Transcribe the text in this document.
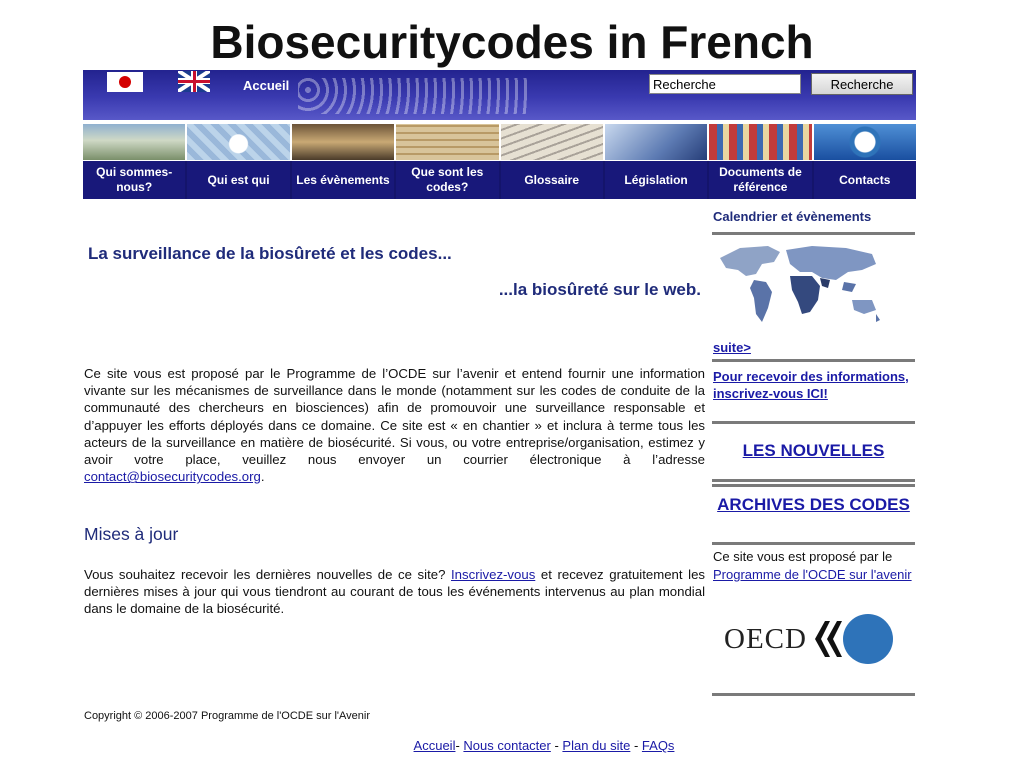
Biosecuritycodes in French
Accueil
Recherche	Recherche
Qui sommes-nous?
Qui est qui	Les évènements
Que sont les codes?
Glossaire	Législation
Documents de référence
Contacts
La surveillance de la biosûreté et les codes...
...la biosûreté sur le web.
Ce site vous est proposé par le Programme de l’OCDE sur l’avenir et entend fournir une information vivante sur les mécanismes de surveillance dans le monde (notamment sur les codes de conduite de la communauté des chercheurs en biosciences) afin de promouvoir une surveillance responsable et d’appuyer les efforts déployés dans ce domaine. Ce site est « en chantier » et inclura à terme tous les acteurs de la surveillance en matière de biosécurité. Si vous, ou votre entreprise/organisation, estimez y avoir votre place, veuillez nous envoyer un courrier électronique à l’adresse contact@biosecuritycodes.org.
Mises à jour
Vous souhaitez recevoir les dernières nouvelles de ce site? Inscrivez-vous et recevez gratuitement les dernières mises à jour qui vous tiendront au courant de tous les événements intervenus au plan mondial dans le domaine de la biosécurité.
Copyright © 2006-2007 Programme de l'OCDE sur l'Avenir
Accueil- Nous contacter - Plan du site - FAQs
Calendrier et évènements
suite>
Pour recevoir des informations, inscrivez-vous ICI!
LES NOUVELLES
ARCHIVES DES CODES
Ce site vous est proposé par le Programme de l'OCDE sur l'avenir
OECD
